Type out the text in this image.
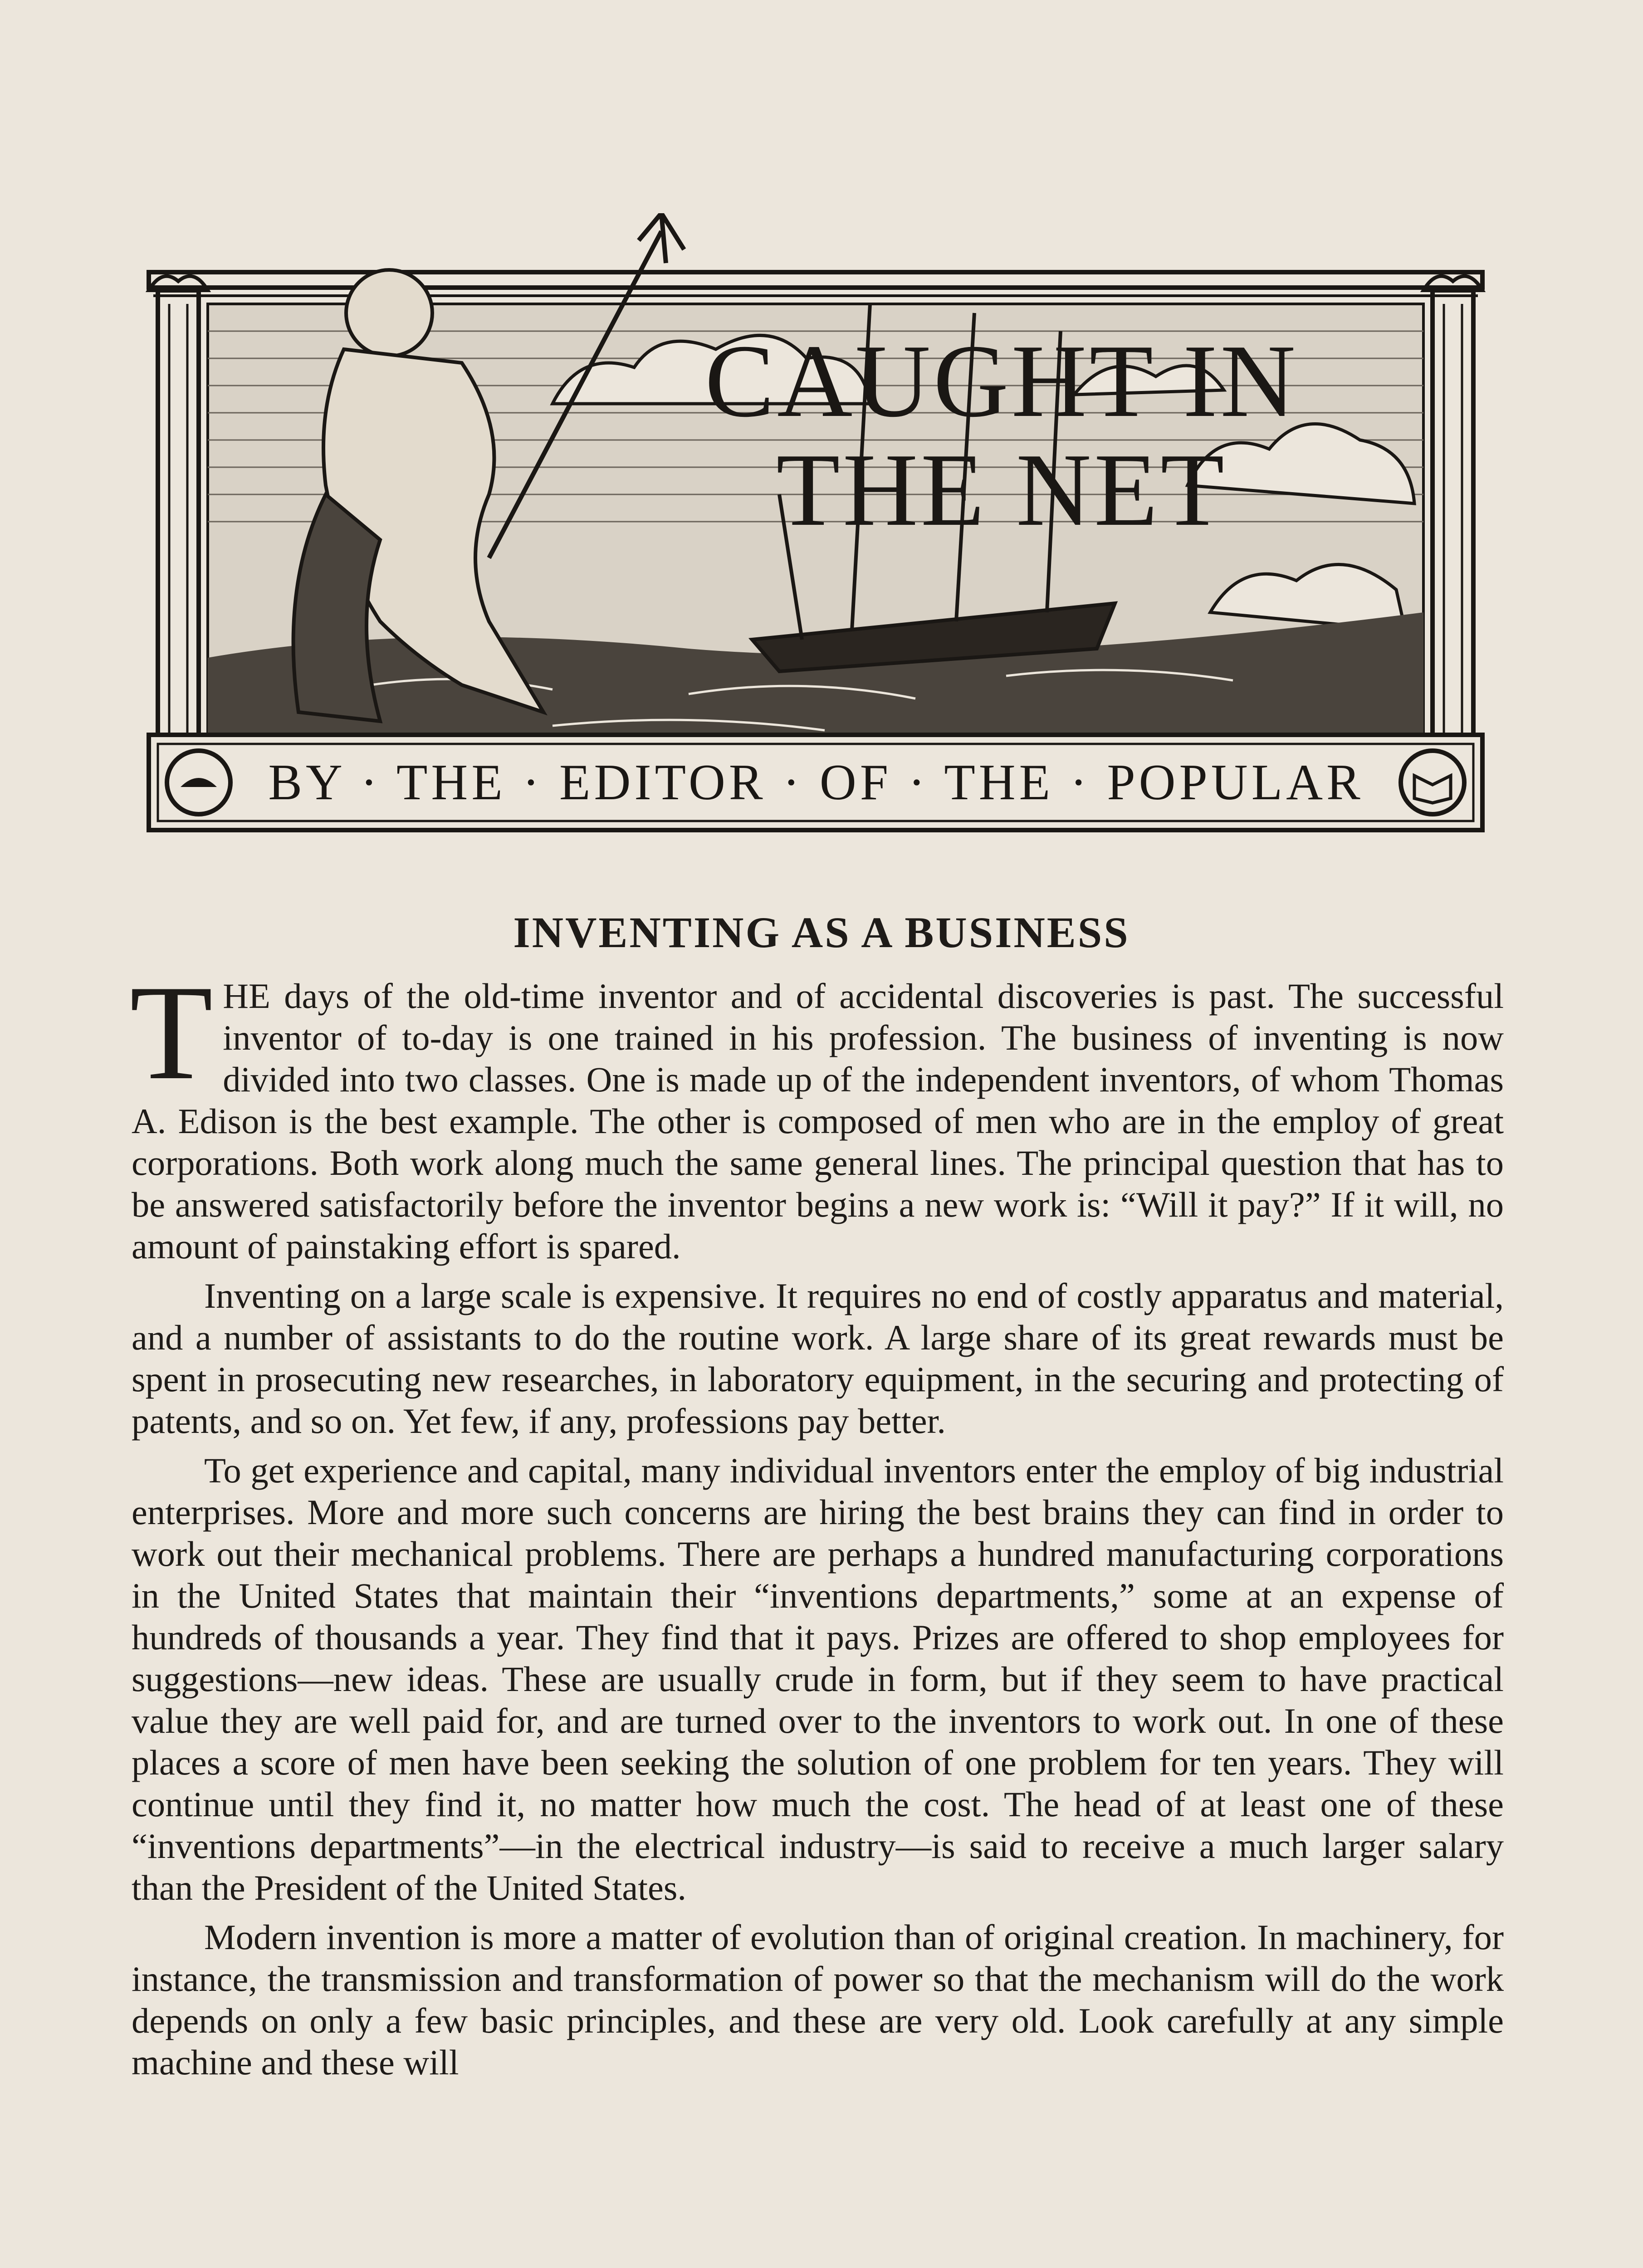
CAUGHT IN
THE NET
BY · THE · EDITOR · OF · THE · POPULAR
INVENTING AS A BUSINESS

THE days of the old-time inventor and of accidental discoveries is past. The successful inventor of to-day is one trained in his profession. The business of inventing is now divided into two classes. One is made up of the independent inventors, of whom Thomas A. Edison is the best example. The other is composed of men who are in the employ of great corporations. Both work along much the same general lines. The principal question that has to be answered satisfactorily before the inventor begins a new work is: “Will it pay?” If it will, no amount of painstaking effort is spared.

Inventing on a large scale is expensive. It requires no end of costly apparatus and material, and a number of assistants to do the routine work. A large share of its great rewards must be spent in prosecuting new researches, in laboratory equipment, in the securing and protecting of patents, and so on. Yet few, if any, professions pay better.

To get experience and capital, many individual inventors enter the employ of big industrial enterprises. More and more such concerns are hiring the best brains they can find in order to work out their mechanical problems. There are perhaps a hundred manufacturing corporations in the United States that maintain their “inventions departments,” some at an expense of hundreds of thousands a year. They find that it pays. Prizes are offered to shop employees for suggestions—new ideas. These are usually crude in form, but if they seem to have practical value they are well paid for, and are turned over to the inventors to work out. In one of these places a score of men have been seeking the solution of one problem for ten years. They will continue until they find it, no matter how much the cost. The head of at least one of these “inventions departments”—in the electrical industry—is said to receive a much larger salary than the President of the United States.

Modern invention is more a matter of evolution than of original creation. In machinery, for instance, the transmission and transformation of power so that the mechanism will do the work depends on only a few basic principles, and these are very old. Look carefully at any simple machine and these will
